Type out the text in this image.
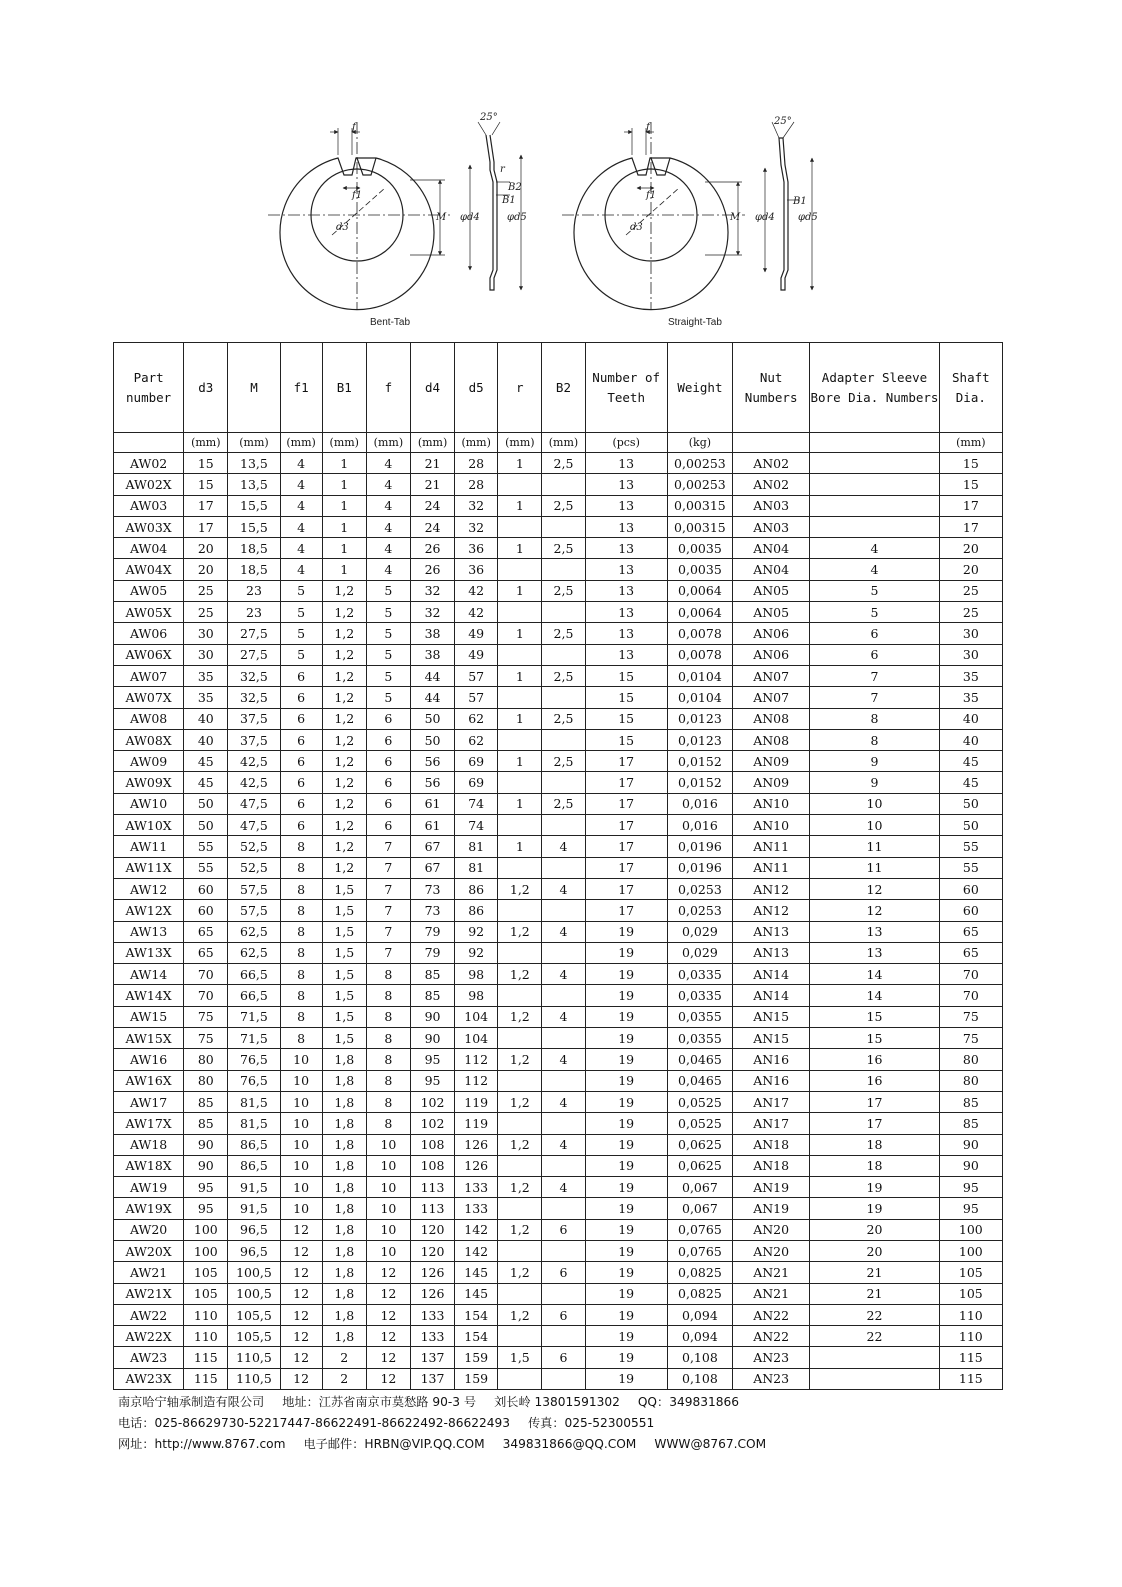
f
f1
d3
M
25°
r
B2
B1
φd4	φd5
f
f1
d3
M
25°
B1
φd4 φd5
Bent-Tab	Straight-Tab
Part number	d3	M	f1	B1	f	d4	d5	r	B2	Number of Teeth	Weight	Nut Numbers	Adapter Sleeve Bore Dia. Numbers	Shaft Dia.
	(mm)	(mm)	(mm)	(mm)	(mm)	(mm)	(mm)	(mm)	(mm)	(pcs)	(kg)			(mm)
AW02	15	13,5	4	1	4	21	28	1	2,5	13	0,00253	AN02		15
AW02X	15	13,5	4	1	4	21	28			13	0,00253	AN02		15
AW03	17	15,5	4	1	4	24	32	1	2,5	13	0,00315	AN03		17
AW03X	17	15,5	4	1	4	24	32			13	0,00315	AN03		17
AW04	20	18,5	4	1	4	26	36	1	2,5	13	0,0035	AN04	4	20
AW04X	20	18,5	4	1	4	26	36			13	0,0035	AN04	4	20
AW05	25	23	5	1,2	5	32	42	1	2,5	13	0,0064	AN05	5	25
AW05X	25	23	5	1,2	5	32	42			13	0,0064	AN05	5	25
AW06	30	27,5	5	1,2	5	38	49	1	2,5	13	0,0078	AN06	6	30
AW06X	30	27,5	5	1,2	5	38	49			13	0,0078	AN06	6	30
AW07	35	32,5	6	1,2	5	44	57	1	2,5	15	0,0104	AN07	7	35
AW07X	35	32,5	6	1,2	5	44	57			15	0,0104	AN07	7	35
AW08	40	37,5	6	1,2	6	50	62	1	2,5	15	0,0123	AN08	8	40
AW08X	40	37,5	6	1,2	6	50	62			15	0,0123	AN08	8	40
AW09	45	42,5	6	1,2	6	56	69	1	2,5	17	0,0152	AN09	9	45
AW09X	45	42,5	6	1,2	6	56	69			17	0,0152	AN09	9	45
AW10	50	47,5	6	1,2	6	61	74	1	2,5	17	0,016	AN10	10	50
AW10X	50	47,5	6	1,2	6	61	74			17	0,016	AN10	10	50
AW11	55	52,5	8	1,2	7	67	81	1	4	17	0,0196	AN11	11	55
AW11X	55	52,5	8	1,2	7	67	81			17	0,0196	AN11	11	55
AW12	60	57,5	8	1,5	7	73	86	1,2	4	17	0,0253	AN12	12	60
AW12X	60	57,5	8	1,5	7	73	86			17	0,0253	AN12	12	60
AW13	65	62,5	8	1,5	7	79	92	1,2	4	19	0,029	AN13	13	65
AW13X	65	62,5	8	1,5	7	79	92			19	0,029	AN13	13	65
AW14	70	66,5	8	1,5	8	85	98	1,2	4	19	0,0335	AN14	14	70
AW14X	70	66,5	8	1,5	8	85	98			19	0,0335	AN14	14	70
AW15	75	71,5	8	1,5	8	90	104	1,2	4	19	0,0355	AN15	15	75
AW15X	75	71,5	8	1,5	8	90	104			19	0,0355	AN15	15	75
AW16	80	76,5	10	1,8	8	95	112	1,2	4	19	0,0465	AN16	16	80
AW16X	80	76,5	10	1,8	8	95	112			19	0,0465	AN16	16	80
AW17	85	81,5	10	1,8	8	102	119	1,2	4	19	0,0525	AN17	17	85
AW17X	85	81,5	10	1,8	8	102	119			19	0,0525	AN17	17	85
AW18	90	86,5	10	1,8	10	108	126	1,2	4	19	0,0625	AN18	18	90
AW18X	90	86,5	10	1,8	10	108	126			19	0,0625	AN18	18	90
AW19	95	91,5	10	1,8	10	113	133	1,2	4	19	0,067	AN19	19	95
AW19X	95	91,5	10	1,8	10	113	133			19	0,067	AN19	19	95
AW20	100	96,5	12	1,8	10	120	142	1,2	6	19	0,0765	AN20	20	100
AW20X	100	96,5	12	1,8	10	120	142			19	0,0765	AN20	20	100
AW21	105	100,5	12	1,8	12	126	145	1,2	6	19	0,0825	AN21	21	105
AW21X	105	100,5	12	1,8	12	126	145			19	0,0825	AN21	21	105
AW22	110	105,5	12	1,8	12	133	154	1,2	6	19	0,094	AN22	22	110
AW22X	110	105,5	12	1,8	12	133	154			19	0,094	AN22	22	110
AW23	115	110,5	12	2	12	137	159	1,5	6	19	0,108	AN23		115
AW23X	115	110,5	12	2	12	137	159			19	0,108	AN23		115
南京哈宁轴承制造有限公司 地址：江苏省南京市莫愁路 90-3 号 刘长岭 13801591302 QQ：349831866
电话：025-86629730-52217447-86622491-86622492-86622493 传真：025-52300551
网址：http://www.8767.com 电子邮件：HRBN@VIP.QQ.COM 349831866@QQ.COM WWW@8767.COM
